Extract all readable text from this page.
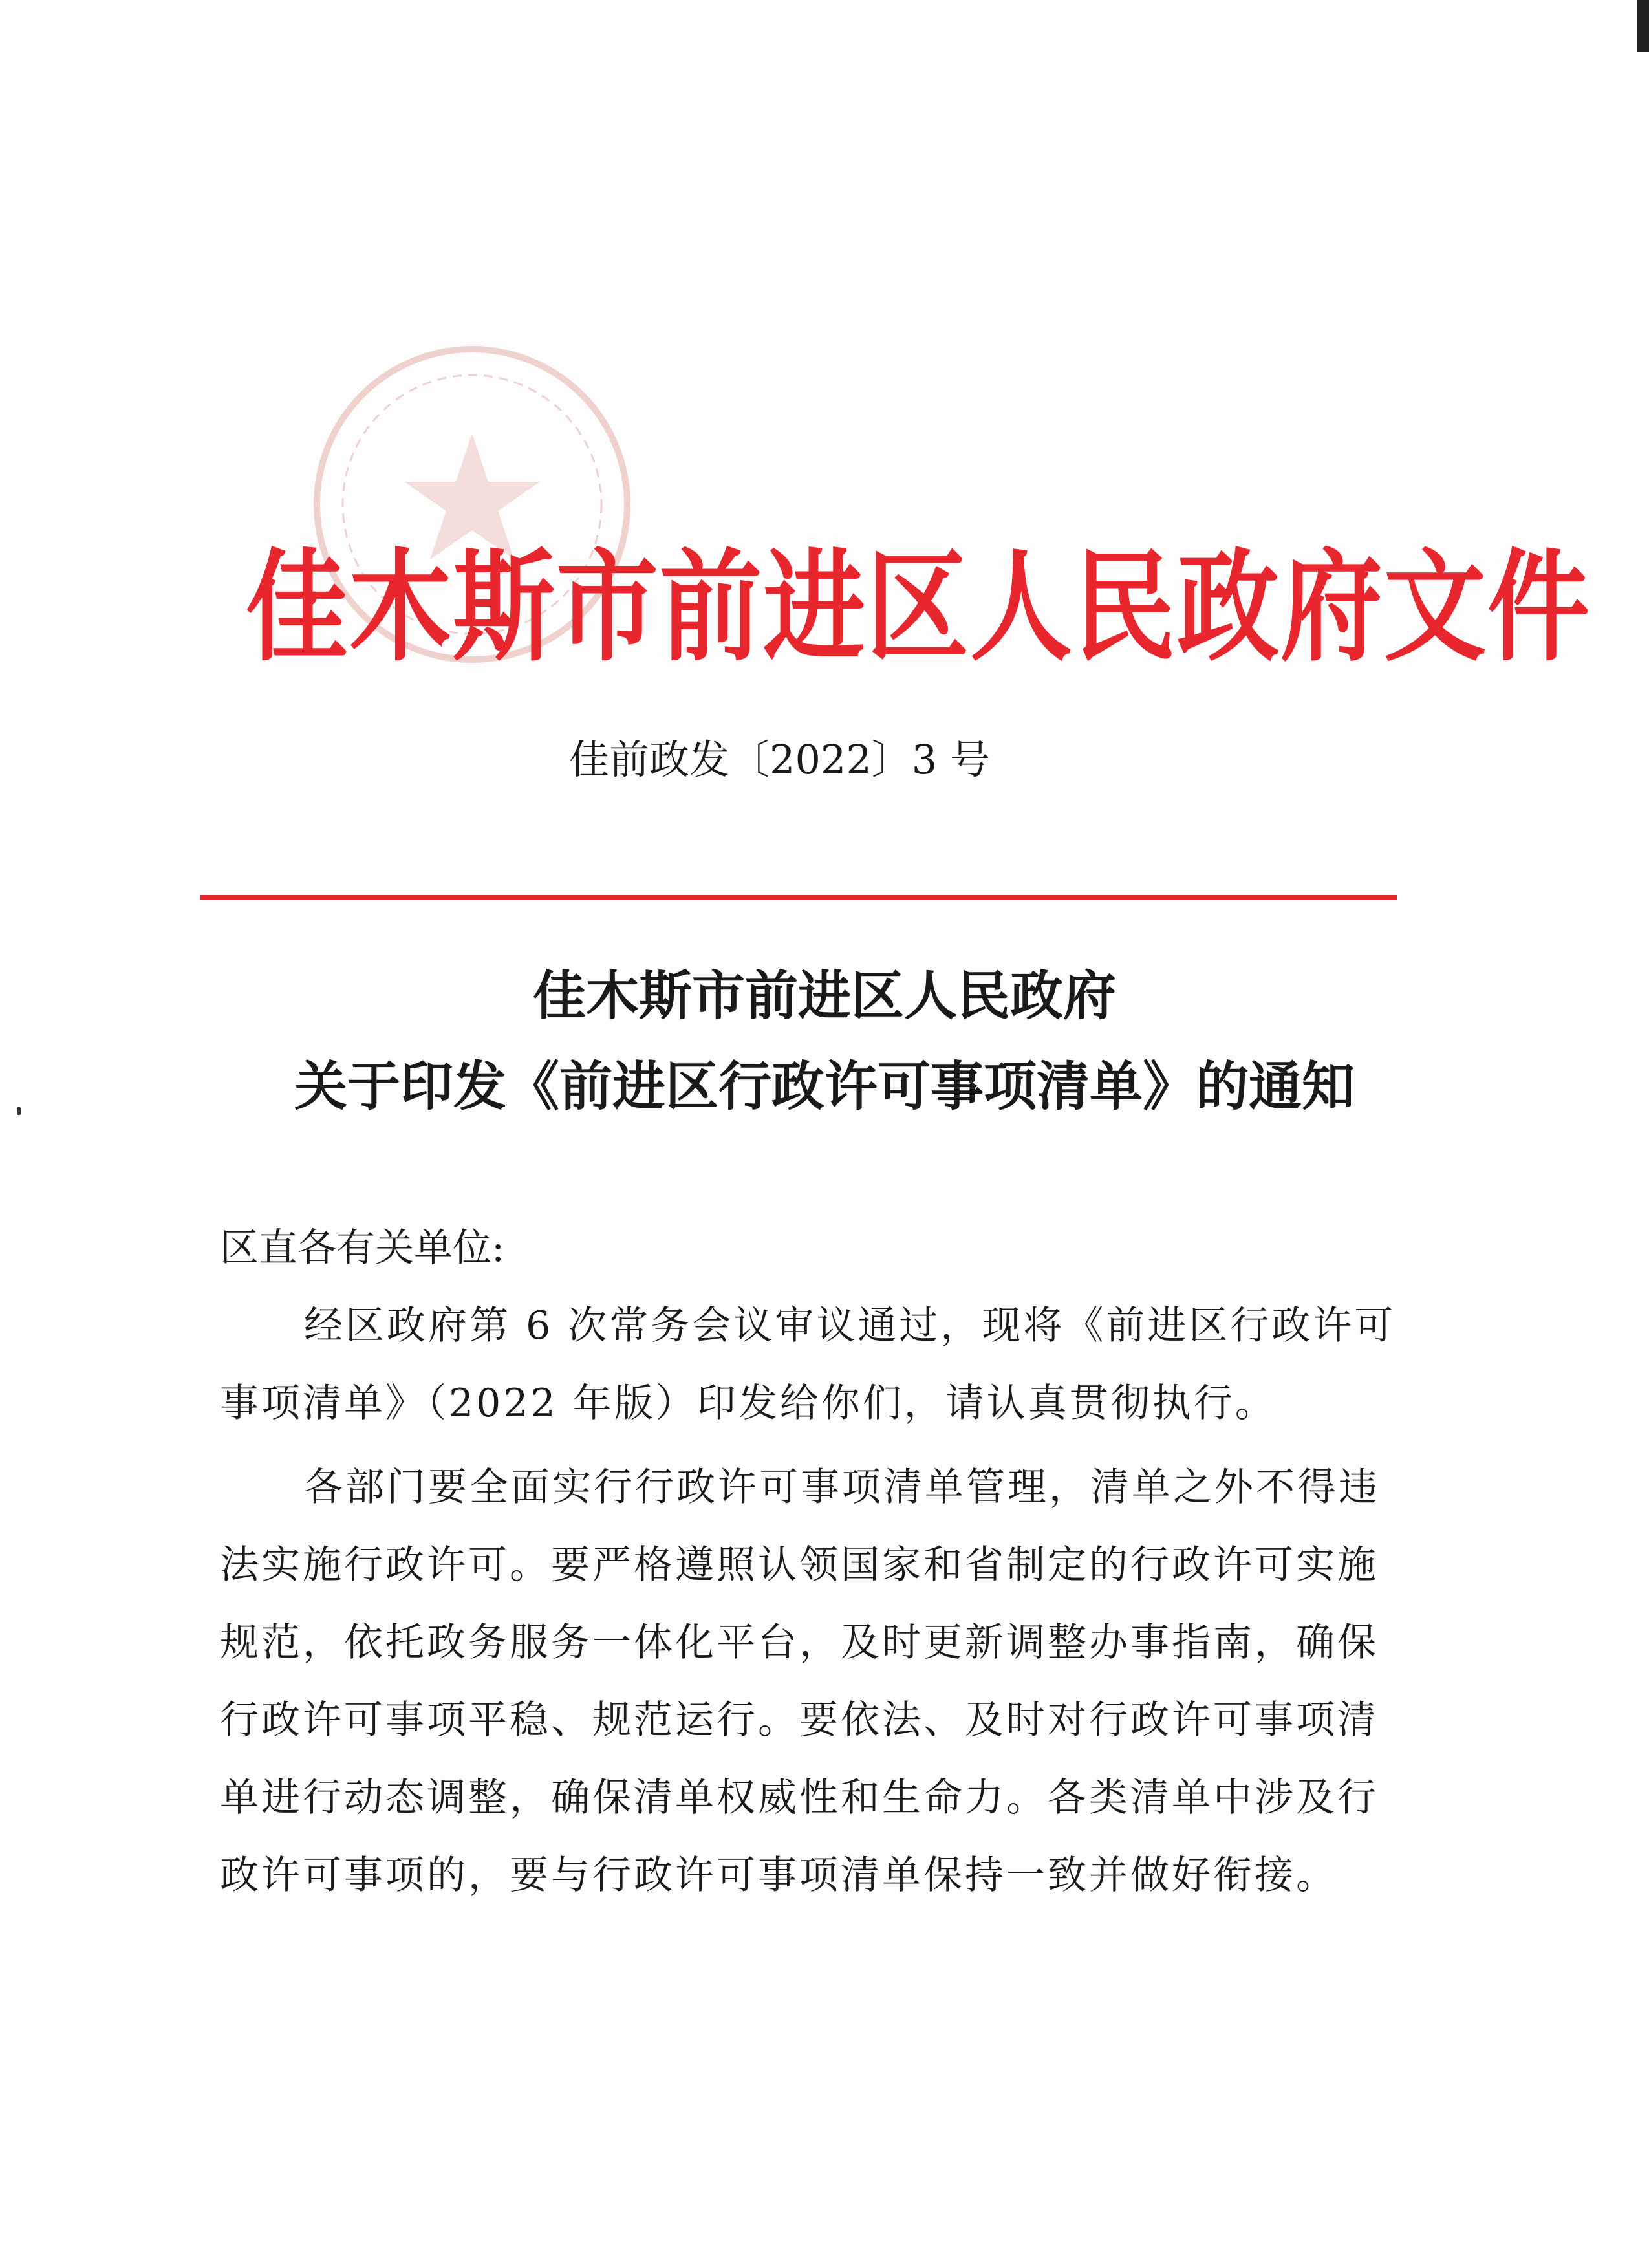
佳木斯市前进区人民政府文件
佳前政发〔2022〕3 号
佳木斯市前进区人民政府
关于印发《前进区行政许可事项清单》的通知
区直各有关单位:
经区政府第 6 次常务会议审议通过，现将《前进区行政许可
事项清单》（2022 年版）印发给你们，请认真贯彻执行。
各部门要全面实行行政许可事项清单管理，清单之外不得违
法实施行政许可。要严格遵照认领国家和省制定的行政许可实施
规范，依托政务服务一体化平台，及时更新调整办事指南，确保
行政许可事项平稳、规范运行。要依法、及时对行政许可事项清
单进行动态调整，确保清单权威性和生命力。各类清单中涉及行
政许可事项的，要与行政许可事项清单保持一致并做好衔接。
